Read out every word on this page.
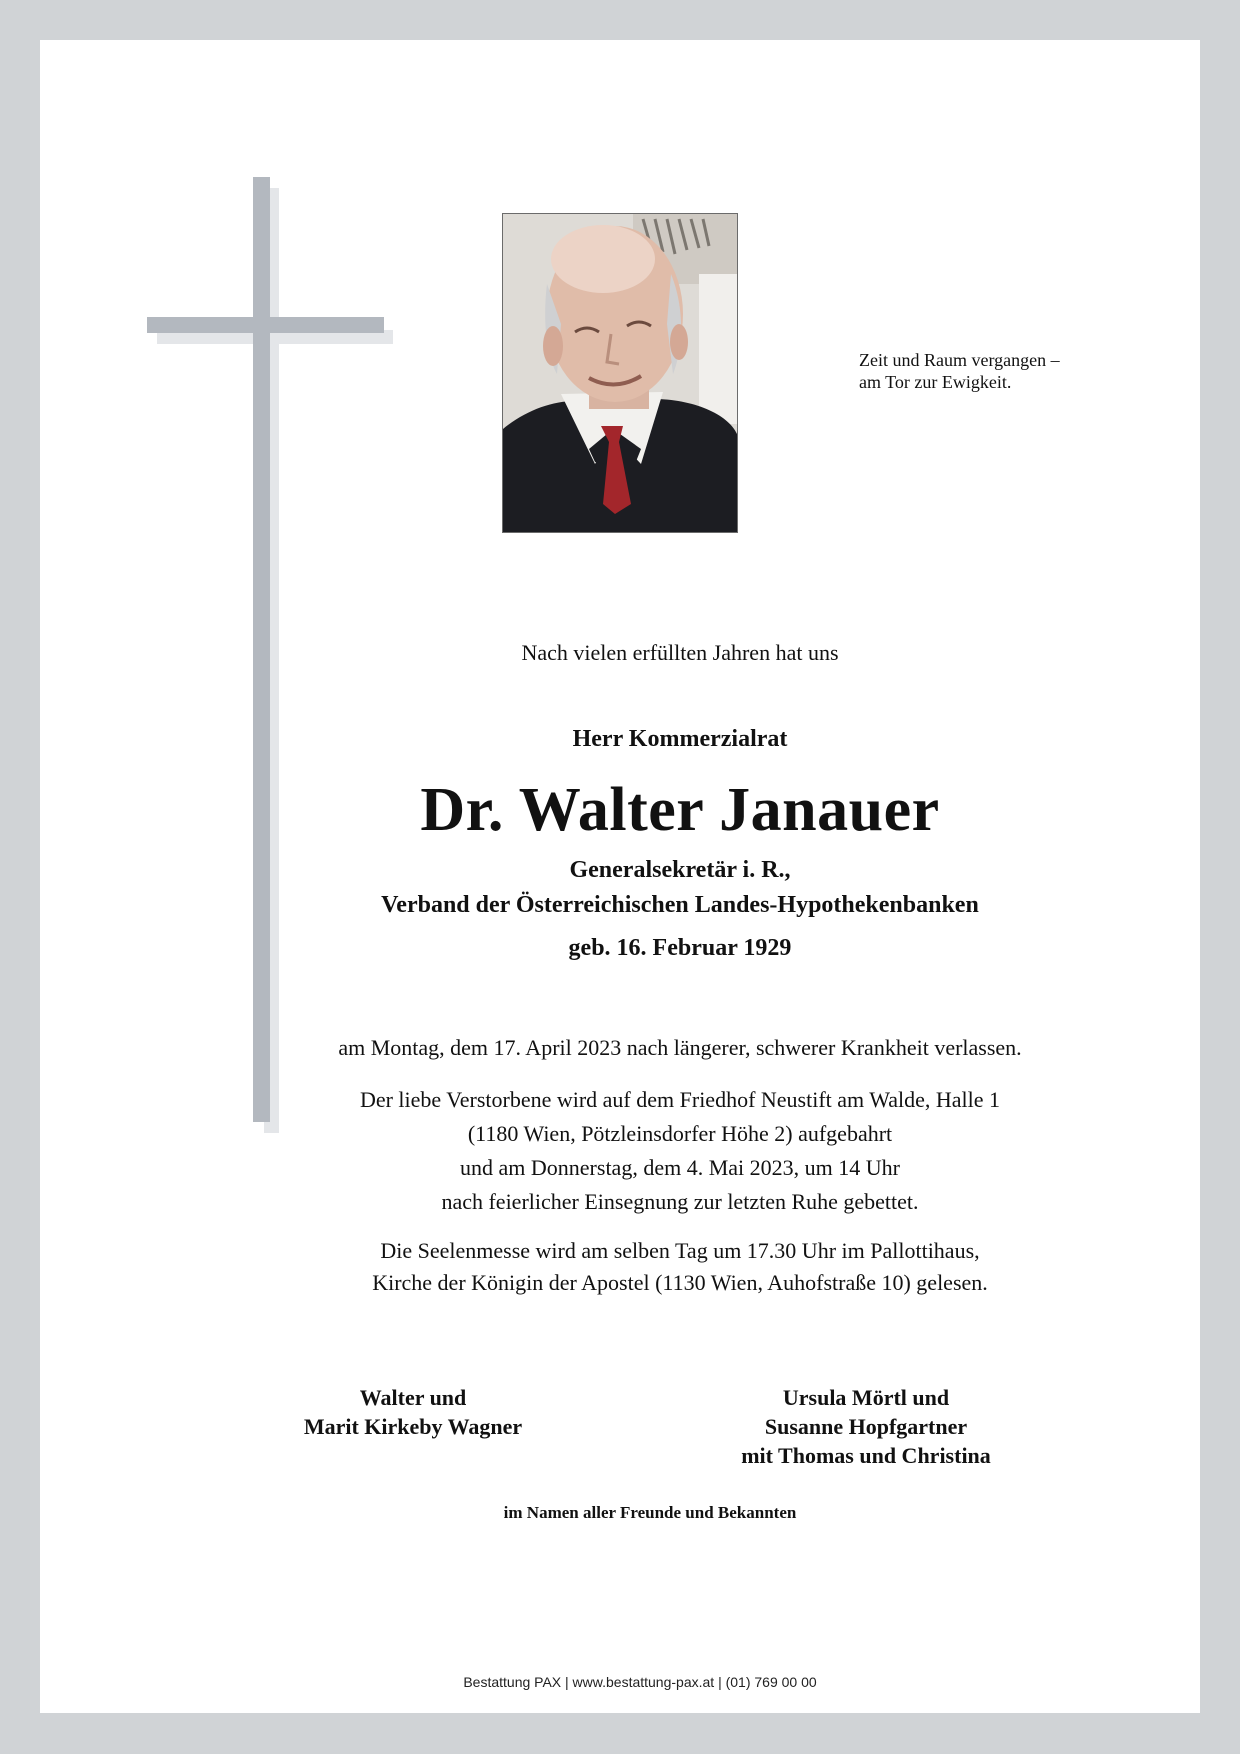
Zeit und Raum vergangen –
am Tor zur Ewigkeit.
Nach vielen erfüllten Jahren hat uns
Herr Kommerzialrat
Dr. Walter Janauer
Generalsekretär i. R.,
Verband der Österreichischen Landes-Hypothekenbanken
geb. 16. Februar 1929
am Montag, dem 17. April 2023 nach längerer, schwerer Krankheit verlassen.
Der liebe Verstorbene wird auf dem Friedhof Neustift am Walde, Halle 1
(1180 Wien, Pötzleinsdorfer Höhe 2) aufgebahrt
und am Donnerstag, dem 4. Mai 2023, um 14 Uhr
nach feierlicher Einsegnung zur letzten Ruhe gebettet.
Die Seelenmesse wird am selben Tag um 17.30 Uhr im Pallottihaus,
Kirche der Königin der Apostel (1130 Wien, Auhofstraße 10) gelesen.
Walter und
Marit Kirkeby Wagner
Ursula Mörtl und
Susanne Hopfgartner
mit Thomas und Christina
im Namen aller Freunde und Bekannten
Bestattung PAX | www.bestattung-pax.at | (01) 769 00 00
